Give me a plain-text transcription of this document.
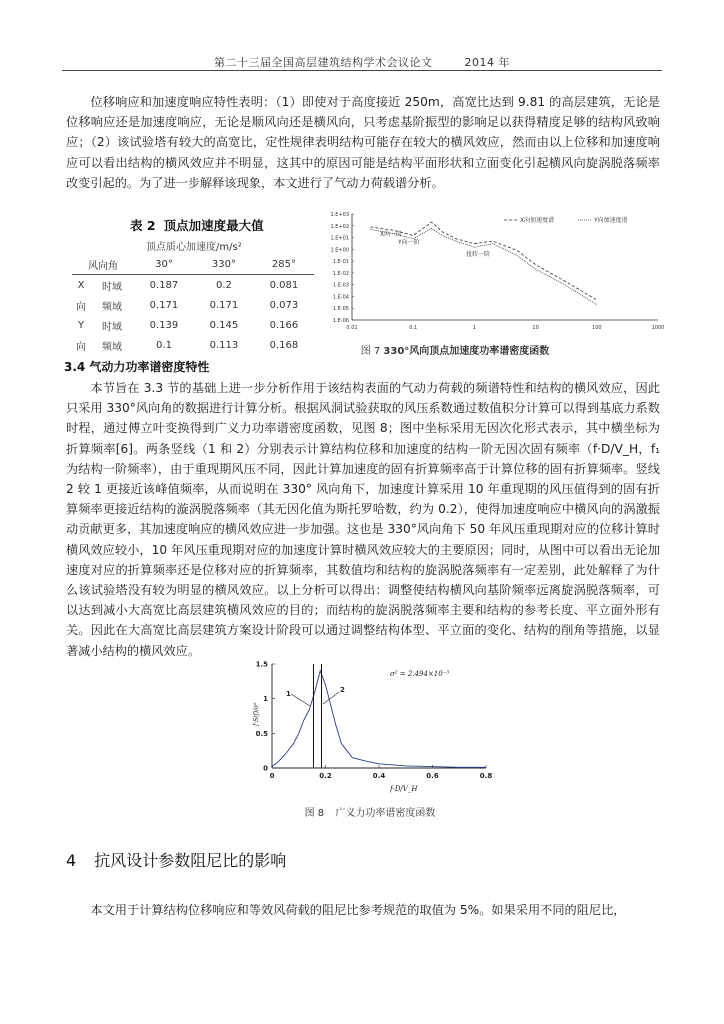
第二十三届全国高层建筑结构学术会议论文	2014 年

位移响应和加速度响应特性表明：（1）即使对于高度接近 250m，高宽比达到 9.81 的高层建筑，无论是位移响应还是加速度响应，无论是顺风向还是横风向，只考虑基阶振型的影响足以获得精度足够的结构风致响应；（2）该试验塔有较大的高宽比，定性规律表明结构可能存在较大的横风效应，然而由以上位移和加速度响应可以看出结构的横风效应并不明显，这其中的原因可能是结构平面形状和立面变化引起横风向旋涡脱落频率改变引起的。为了进一步解释该现象，本文进行了气动力荷载谱分析。

表 2 顶点加速度最大值
顶点质心加速度/m/s²				
风向角		30°	330°	285°
X	时域	0.187	0.2	0.081
向	频域	0.171	0.171	0.073
Y	时域	0.139	0.145	0.166
向	频域	0.1	0.113	0.168
1.E-06
1.E-05
1.E-04
1.E-03
1.E-02
1.E-01
1.E+00
1.E+01
1.E+02
1.E+03
0.01	0.1	1	10	100	1000
X向加速度谱	Y向加速度谱
X向一阶
Y向一阶
扭转一阶
图 7 330°风向顶点加速度功率谱密度函数
3.4 气动力功率谱密度特性

本节旨在 3.3 节的基础上进一步分析作用于该结构表面的气动力荷载的频谱特性和结构的横风效应，因此只采用 330°风向角的数据进行计算分析。根据风洞试验获取的风压系数通过数值积分计算可以得到基底力系数时程，通过傅立叶变换得到广义力功率谱密度函数，见图 8；图中坐标采用无因次化形式表示，其中横坐标为折算频率[6]。两条竖线（1 和 2）分别表示计算结构位移和加速度的结构一阶无因次固有频率（f·D/V_H，f₁为结构一阶频率），由于重现期风压不同，因此计算加速度的固有折算频率高于计算位移的固有折算频率。竖线 2 较 1 更接近该峰值频率，从而说明在 330° 风向角下，加速度计算采用 10 年重现期的风压值得到的固有折算频率更接近结构的漩涡脱落频率（其无因化值为斯托罗哈数，约为 0.2），使得加速度响应中横风向的涡激振动贡献更多，其加速度响应的横风效应进一步加强。这也是 330°风向角下 50 年风压重现期对应的位移计算时横风效应较小，10 年风压重现期对应的加速度计算时横风效应较大的主要原因；同时，从图中可以看出无论加速度对应的折算频率还是位移对应的折算频率，其数值均和结构的旋涡脱落频率有一定差别，此处解释了为什么该试验塔没有较为明显的横风效应。以上分析可以得出：调整使结构横风向基阶频率远离旋涡脱落频率，可以达到减小大高宽比高层建筑横风效应的目的；而结构的旋涡脱落频率主要和结构的参考长度、平立面外形有关。因此在大高宽比高层建筑方案设计阶段可以通过调整结构体型、平立面的变化、结构的削角等措施，以显著减小结构的横风效应。

0
0.5
1
1.5
0	0.2	0.4	0.6	0.8
f·S(f)/σ²
f·D/V_H
σ² = 2.494×10⁻³
1	2
图 8 广义力功率谱密度函数
4 抗风设计参数阻尼比的影响
本文用于计算结构位移响应和等效风荷载的阻尼比参考规范的取值为 5%。如果采用不同的阻尼比，
